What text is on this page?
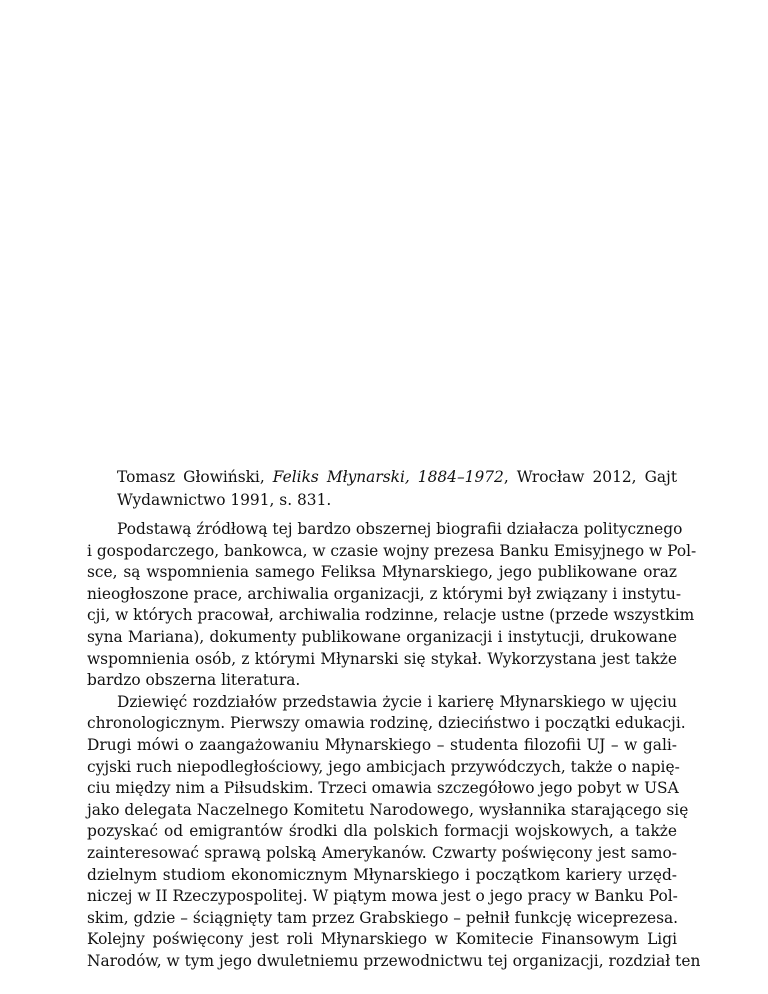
Tomasz Głowiński, Feliks Młynarski, 1884–1972, Wrocław 2012, Gajt
Wydawnictwo 1991, s. 831.
Podstawą źródłową tej bardzo obszernej biografii działacza politycznego
i gospodarczego, bankowca, w czasie wojny prezesa Banku Emisyjnego w Pol-
sce, są wspomnienia samego Feliksa Młynarskiego, jego publikowane oraz
nieogłoszone prace, archiwalia organizacji, z którymi był związany i instytu-
cji, w których pracował, archiwalia rodzinne, relacje ustne (przede wszystkim
syna Mariana), dokumenty publikowane organizacji i instytucji, drukowane
wspomnienia osób, z którymi Młynarski się stykał. Wykorzystana jest także
bardzo obszerna literatura.
Dziewięć rozdziałów przedstawia życie i karierę Młynarskiego w ujęciu
chronologicznym. Pierwszy omawia rodzinę, dzieciństwo i początki edukacji.
Drugi mówi o zaangażowaniu Młynarskiego – studenta filozofii UJ – w gali-
cyjski ruch niepodległościowy, jego ambicjach przywódczych, także o napię-
ciu między nim a Piłsudskim. Trzeci omawia szczegółowo jego pobyt w USA
jako delegata Naczelnego Komitetu Narodowego, wysłannika starającego się
pozyskać od emigrantów środki dla polskich formacji wojskowych, a także
zainteresować sprawą polską Amerykanów. Czwarty poświęcony jest samo-
dzielnym studiom ekonomicznym Młynarskiego i początkom kariery urzęd-
niczej w II Rzeczypospolitej. W piątym mowa jest o jego pracy w Banku Pol-
skim, gdzie – ściągnięty tam przez Grabskiego – pełnił funkcję wiceprezesa.
Kolejny poświęcony jest roli Młynarskiego w Komitecie Finansowym Ligi
Narodów, w tym jego dwuletniemu przewodnictwu tej organizacji, rozdział ten
